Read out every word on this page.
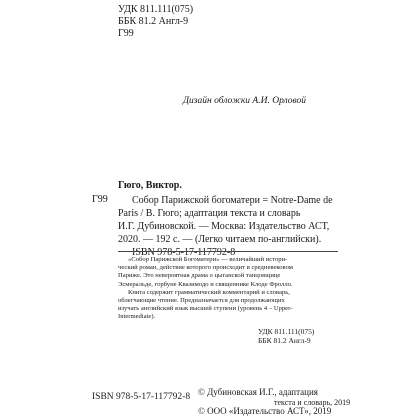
УДК 811.111(075)
ББК 81.2 Англ-9
Г99
Дизайн обложки А.И. Орловой
Гюго, Виктор.
Г99	Собор Парижской богоматери = Notre-Dame de
Paris / В. Гюго; адаптация текста и словарь
И.Г. Дубиновской. — Москва: Издательство АСТ,
2020. — 192 с. — (Легко читаем по-английски).
ISBN 978-5-17-117792-8
«Собор Парижской Богоматери» — величайший истори-
ческий роман, действие которого происходит в средневековом
Париже. Это невероятная драма о цыганской танцовщице
Эсмеральде, горбуне Квазимодо и священнике Клоде Фролло.
Книга содержит грамматический комментарий и словарь,
облегчающие чтение. Предназначается для продолжающих
изучать английский язык высшей ступени (уровень 4 – Upper-
Intermediate).
УДК 811.111(075)
ББК 81.2 Англ-9
ISBN 978-5-17-117792-8 © Дубиновская И.Г., адаптация
текста и словарь, 2019
© ООО «Издательство АСТ», 2019
